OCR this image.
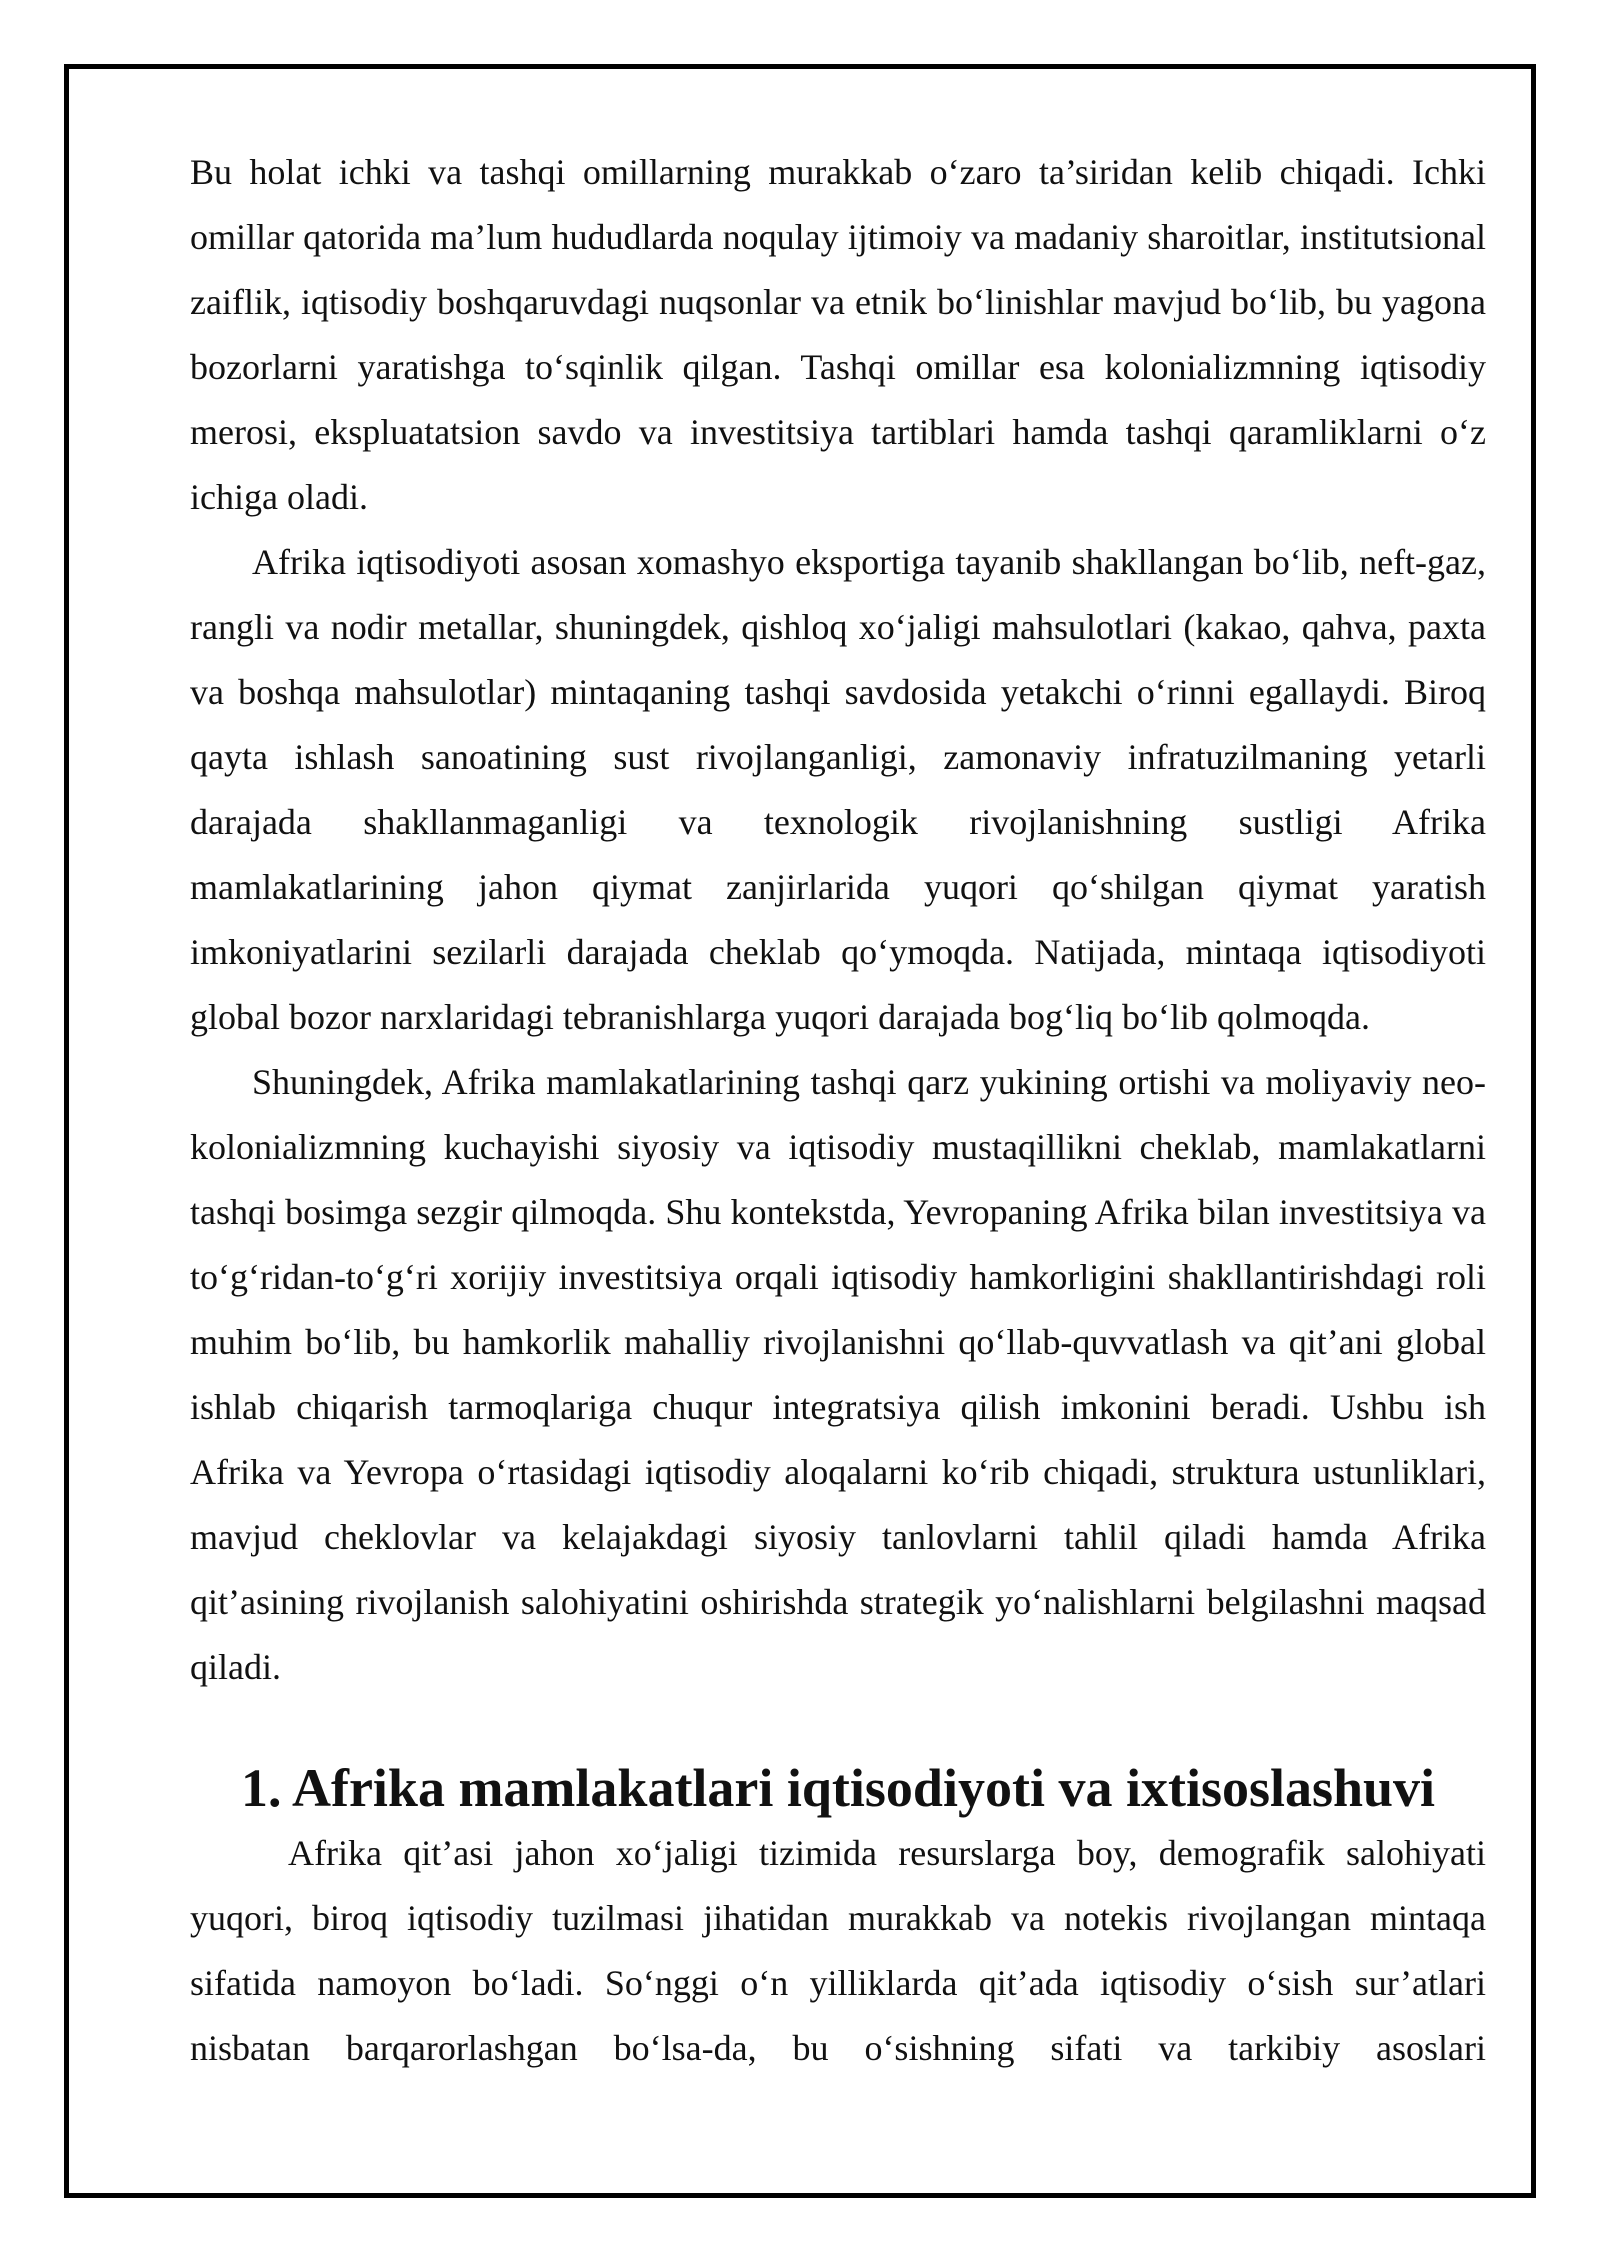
Bu holat ichki va tashqi omillarning murakkab o‘zaro ta’siridan kelib chiqadi. Ichki omillar qatorida ma’lum hududlarda noqulay ijtimoiy va madaniy sharoitlar, institutsional zaiflik, iqtisodiy boshqaruvdagi nuqsonlar va etnik bo‘linishlar mavjud bo‘lib, bu yagona bozorlarni yaratishga to‘sqinlik qilgan. Tashqi omillar esa kolonializmning iqtisodiy merosi, ekspluatatsion savdo va investitsiya tartiblari hamda tashqi qaramliklarni o‘z ichiga oladi.

Afrika iqtisodiyoti asosan xomashyo eksportiga tayanib shakllangan bo‘lib, neft-gaz, rangli va nodir metallar, shuningdek, qishloq xo‘jaligi mahsulotlari (kakao, qahva, paxta va boshqa mahsulotlar) mintaqaning tashqi savdosida yetakchi o‘rinni egallaydi. Biroq qayta ishlash sanoatining sust rivojlanganligi, zamonaviy infratuzilmaning yetarli darajada shakllanmaganligi va texnologik rivojlanishning sustligi Afrika mamlakatlarining jahon qiymat zanjirlarida yuqori qo‘shilgan qiymat yaratish imkoniyatlarini sezilarli darajada cheklab qo‘ymoqda. Natijada, mintaqa iqtisodiyoti global bozor narxlaridagi tebranishlarga yuqori darajada bog‘liq bo‘lib qolmoqda.

Shuningdek, Afrika mamlakatlarining tashqi qarz yukining ortishi va moliyaviy neo-kolonializmning kuchayishi siyosiy va iqtisodiy mustaqillikni cheklab, mamlakatlarni tashqi bosimga sezgir qilmoqda. Shu kontekstda, Yevropaning Afrika bilan investitsiya va to‘g‘ridan-to‘g‘ri xorijiy investitsiya orqali iqtisodiy hamkorligini shakllantirishdagi roli muhim bo‘lib, bu hamkorlik mahalliy rivojlanishni qo‘llab-quvvatlash va qit’ani global ishlab chiqarish tarmoqlariga chuqur integratsiya qilish imkonini beradi. Ushbu ish Afrika va Yevropa o‘rtasidagi iqtisodiy aloqalarni ko‘rib chiqadi, struktura ustunliklari, mavjud cheklovlar va kelajakdagi siyosiy tanlovlarni tahlil qiladi hamda Afrika qit’asining rivojlanish salohiyatini oshirishda strategik yo‘nalishlarni belgilashni maqsad qiladi.

1. Afrika mamlakatlari iqtisodiyoti va ixtisoslashuvi

Afrika qit’asi jahon xo‘jaligi tizimida resurslarga boy, demografik salohiyati yuqori, biroq iqtisodiy tuzilmasi jihatidan murakkab va notekis rivojlangan mintaqa sifatida namoyon bo‘ladi. So‘nggi o‘n yilliklarda qit’ada iqtisodiy o‘sish sur’atlari nisbatan barqarorlashgan bo‘lsa-da, bu o‘sishning sifati va tarkibiy asoslari
